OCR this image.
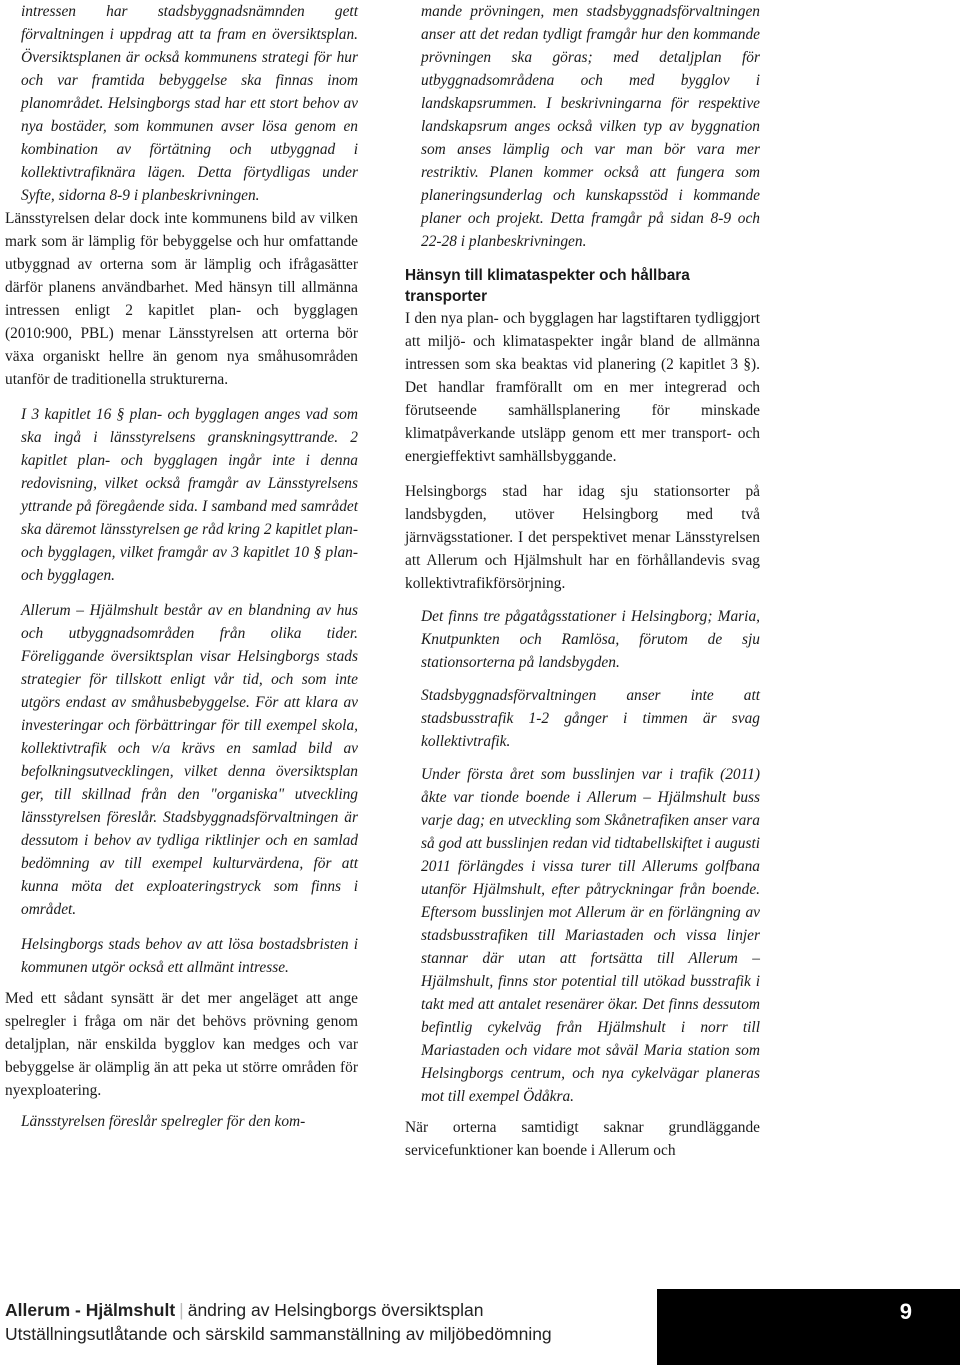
intressen har stadsbyggnadsnämnden gett förvaltningen i uppdrag att ta fram en översiktsplan. Översiktsplanen är också kommunens strategi för hur och var framtida bebyggelse ska finnas inom planområdet. Helsingborgs stad har ett stort behov av nya bostäder, som kommunen avser lösa genom en kombination av förtätning och utbyggnad i kollektivtrafiknära lägen. Detta förtydligas under Syfte, sidorna 8-9 i planbeskrivningen.

Länsstyrelsen delar dock inte kommunens bild av vilken mark som är lämplig för bebyggelse och hur omfattande utbyggnad av orterna som är lämplig och ifrågasätter därför planens användbarhet. Med hänsyn till allmänna intressen enligt 2 kapitlet plan- och bygglagen (2010:900, PBL) menar Länsstyrelsen att orterna bör växa organiskt hellre än genom nya småhusområden utanför de traditionella strukturerna.

I 3 kapitlet 16 § plan- och bygglagen anges vad som ska ingå i länsstyrelsens granskningsyttrande. 2 kapitlet plan- och bygglagen ingår inte i denna redovisning, vilket också framgår av Länsstyrelsens yttrande på föregående sida. I samband med samrådet ska däremot länsstyrelsen ge råd kring 2 kapitlet plan- och bygglagen, vilket framgår av 3 kapitlet 10 § plan- och bygglagen.

Allerum – Hjälmshult består av en blandning av hus och utbyggnadsområden från olika tider. Föreliggande översiktsplan visar Helsingborgs stads strategier för tillskott enligt vår tid, och som inte utgörs endast av småhusbebyggelse. För att klara av investeringar och förbättringar för till exempel skola, kollektivtrafik och v/a krävs en samlad bild av befolkningsutvecklingen, vilket denna översiktsplan ger, till skillnad från den "organiska" utveckling länsstyrelsen föreslår. Stadsbyggnadsförvaltningen är dessutom i behov av tydliga riktlinjer och en samlad bedömning av till exempel kulturvärdena, för att kunna möta det exploateringstryck som finns i området.

Helsingborgs stads behov av att lösa bostadsbristen i kommunen utgör också ett allmänt intresse.

Med ett sådant synsätt är det mer angeläget att ange spelregler i fråga om när det behövs prövning genom detaljplan, när enskilda bygglov kan medges och var bebyggelse är olämplig än att peka ut större områden för nyexploatering.

Länsstyrelsen föreslår spelregler för den kom-

mande prövningen, men stadsbyggnadsförvaltningen anser att det redan tydligt framgår hur den kommande prövningen ska göras; med detaljplan för utbyggnadsområdena och med bygglov i landskapsrummen. I beskrivningarna för respektive landskapsrum anges också vilken typ av byggnation som anses lämplig och var man bör vara mer restriktiv. Planen kommer också att fungera som planeringsunderlag och kunskapsstöd i kommande planer och projekt. Detta framgår på sidan 8-9 och 22-28 i planbeskrivningen.

Hänsyn till klimataspekter och hållbara transporter

I den nya plan- och bygglagen har lagstiftaren tydliggjort att miljö- och klimataspekter ingår bland de allmänna intressen som ska beaktas vid planering (2 kapitlet 3 §). Det handlar framförallt om en mer integrerad och förutseende samhällsplanering för minskade klimatpåverkande utsläpp genom ett mer transport- och energieffektivt samhällsbyggande.

Helsingborgs stad har idag sju stationsorter på landsbygden, utöver Helsingborg med två järnvägsstationer. I det perspektivet menar Länsstyrelsen att Allerum och Hjälmshult har en förhållandevis svag kollektivtrafikförsörjning.

Det finns tre pågatågsstationer i Helsingborg; Maria, Knutpunkten och Ramlösa, förutom de sju stationsorterna på landsbygden.

Stadsbyggnadsförvaltningen anser inte att stadsbusstrafik 1-2 gånger i timmen är svag kollektivtrafik.

Under första året som busslinjen var i trafik (2011) åkte var tionde boende i Allerum – Hjälmshult buss varje dag; en utveckling som Skånetrafiken anser vara så god att busslinjen redan vid tidtabellskiftet i augusti 2011 förlängdes i vissa turer till Allerums golfbana utanför Hjälmshult, efter påtryckningar från boende. Eftersom busslinjen mot Allerum är en förlängning av stadsbusstrafiken till Mariastaden och vissa linjer stannar där utan att fortsätta till Allerum – Hjälmshult, finns stor potential till utökad busstrafik i takt med att antalet resenärer ökar. Det finns dessutom befintlig cykelväg från Hjälmshult i norr till Mariastaden och vidare mot såväl Maria station som Helsingborgs centrum, och nya cykelvägar planeras mot till exempel Ödåkra.

När orterna samtidigt saknar grundläggande servicefunktioner kan boende i Allerum och

Allerum - Hjälmshult | ändring av Helsingborgs översiktsplan
Utställningsutlåtande och särskild sammanställning av miljöbedömning
9
